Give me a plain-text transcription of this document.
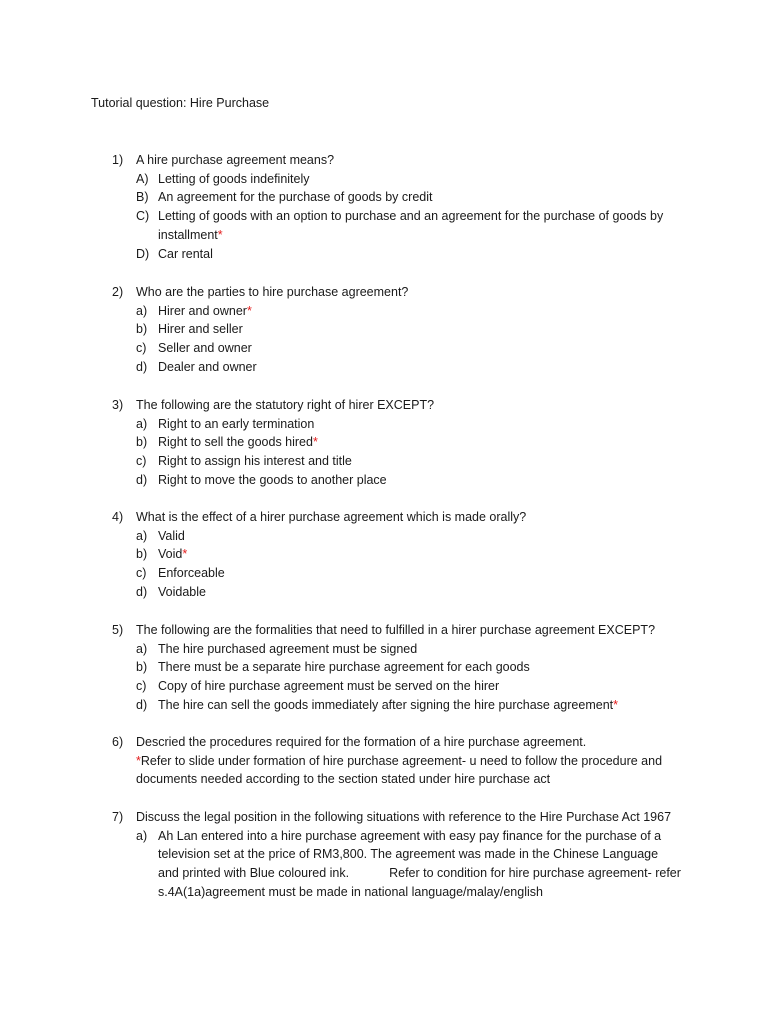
Tutorial question: Hire Purchase
1) A hire purchase agreement means?
A) Letting of goods indefinitely
B) An agreement for the purchase of goods by credit
C) Letting of goods with an option to purchase and an agreement for the purchase of goods by installment*
D) Car rental
2) Who are the parties to hire purchase agreement?
a) Hirer and owner*
b) Hirer and seller
c) Seller and owner
d) Dealer and owner
3) The following are the statutory right of hirer EXCEPT?
a) Right to an early termination
b) Right to sell the goods hired*
c) Right to assign his interest and title
d) Right to move the goods to another place
4) What is the effect of a hirer purchase agreement which is made orally?
a) Valid
b) Void*
c) Enforceable
d) Voidable
5) The following are the formalities that need to fulfilled in a hirer purchase agreement EXCEPT?
a) The hire purchased agreement must be signed
b) There must be a separate hire purchase agreement for each goods
c) Copy of hire purchase agreement must be served on the hirer
d) The hire can sell the goods immediately after signing the hire purchase agreement*
6) Descried the procedures required for the formation of a hire purchase agreement.
*Refer to slide under formation of hire purchase agreement- u need to follow the procedure and documents needed according to the section stated under hire purchase act
7) Discuss the legal position in the following situations with reference to the Hire Purchase Act 1967
a) Ah Lan entered into a hire purchase agreement with easy pay finance for the purchase of a television set at the price of RM3,800. The agreement was made in the Chinese Language and printed with Blue coloured ink.	Refer to condition for hire purchase agreement- refer s.4A(1a)agreement must be made in national language/malay/english
